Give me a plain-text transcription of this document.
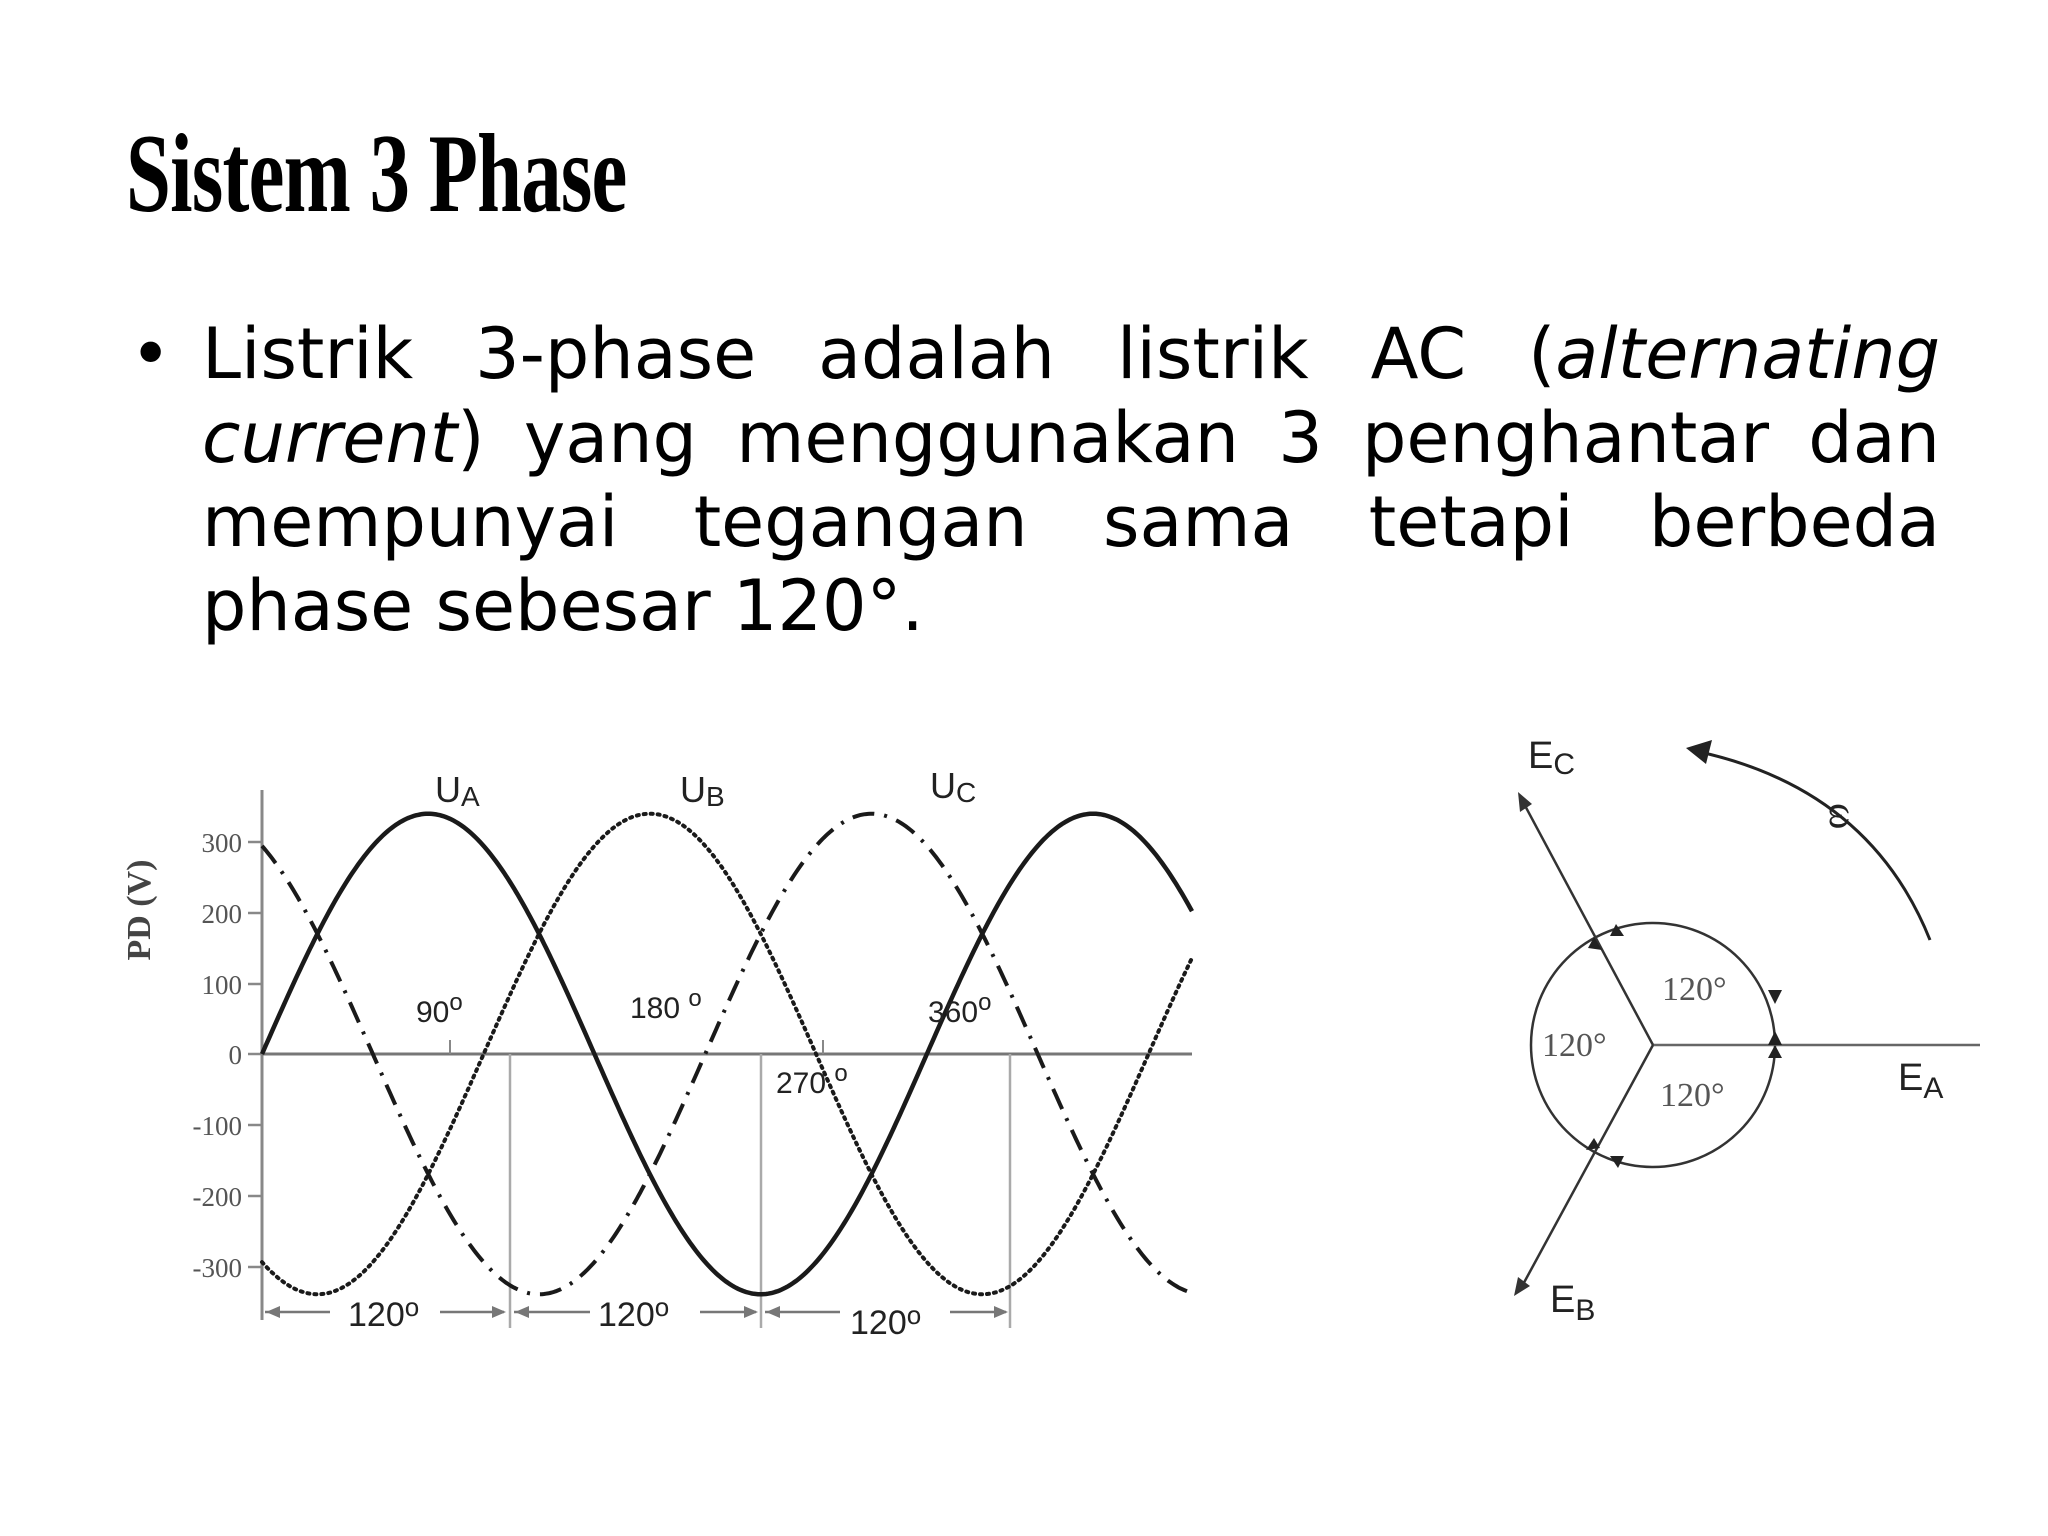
Sistem 3 Phase
• Listrik 3-phase adalah listrik AC (alternating current) yang menggunakan 3 penghantar dan mempunyai tegangan sama tetapi berbeda phase sebesar 120°.
PD (V)
300
200
100
0
-100
-200
-300
UA	UB	UC
90$^o$	180 $^o$
270 $^o$
360$^o$
120$^o$	120$^o$	120$^o$
ω
120°
120°
120°
EC
$E_A$
$E_B$
